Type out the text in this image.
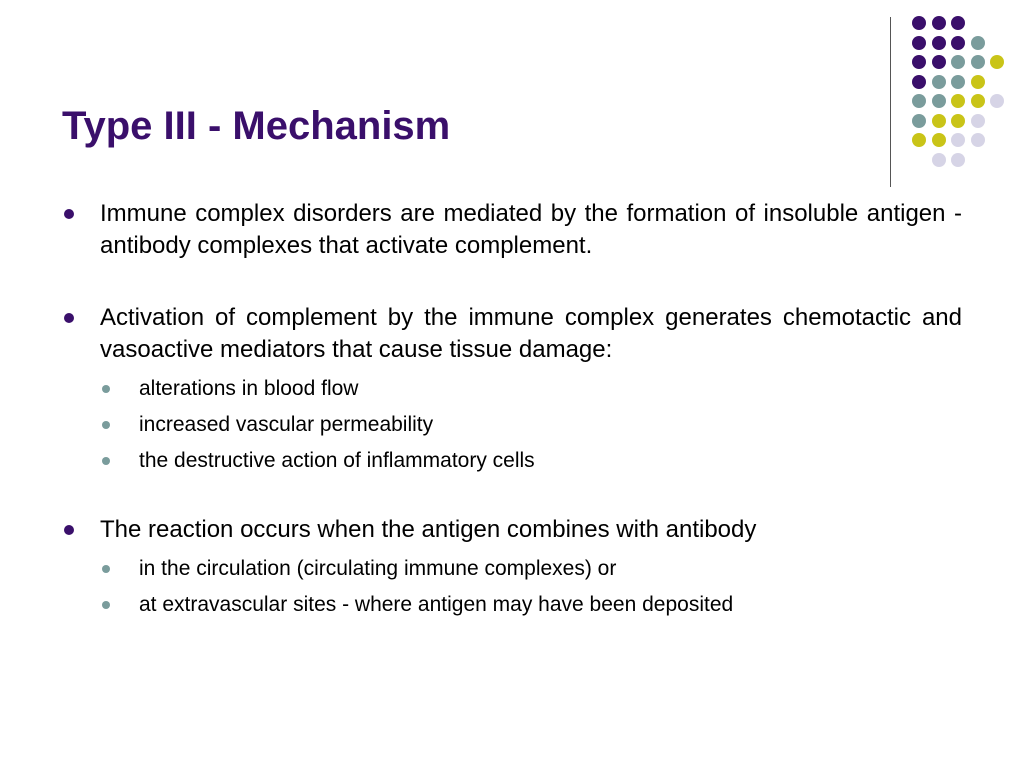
Type III - Mechanism
Immune complex disorders are mediated by the formation of insoluble antigen - antibody complexes that activate complement.
Activation of complement by the immune complex generates chemotactic and vasoactive mediators that cause tissue damage:
alterations in blood flow
increased vascular permeability
the destructive action of inflammatory cells
The reaction occurs when the antigen combines with antibody
in the circulation (circulating immune complexes) or
at extravascular sites - where antigen may have been deposited
